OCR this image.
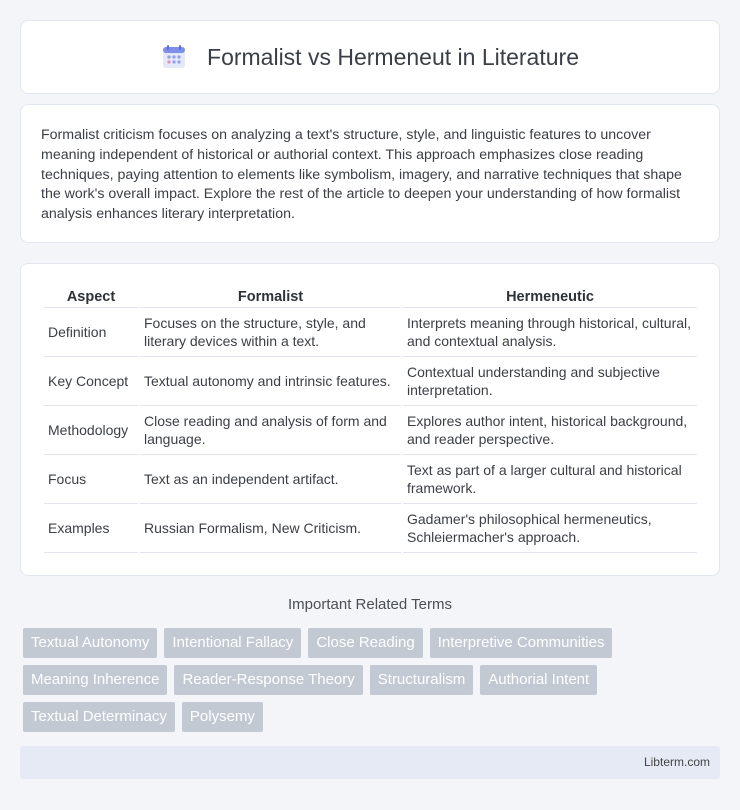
Formalist vs Hermeneut in Literature

Formalist criticism focuses on analyzing a text's structure, style, and linguistic features to uncover meaning independent of historical or authorial context. This approach emphasizes close reading techniques, paying attention to elements like symbolism, imagery, and narrative techniques that shape the work's overall impact. Explore the rest of the article to deepen your understanding of how formalist analysis enhances literary interpretation.

Aspect	Formalist	Hermeneutic
Definition	Focuses on the structure, style, and literary devices within a text.	Interprets meaning through historical, cultural, and contextual analysis.
Key Concept	Textual autonomy and intrinsic features.	Contextual understanding and subjective interpretation.
Methodology	Close reading and analysis of form and language.	Explores author intent, historical background, and reader perspective.
Focus	Text as an independent artifact.	Text as part of a larger cultural and historical framework.
Examples	Russian Formalism, New Criticism.	Gadamer's philosophical hermeneutics, Schleiermacher's approach.
Important Related Terms
Textual Autonomy	Intentional Fallacy	Close Reading	Interpretive Communities
Meaning Inherence	Reader-Response Theory	Structuralism	Authorial Intent
Textual Determinacy	Polysemy
Libterm.com
